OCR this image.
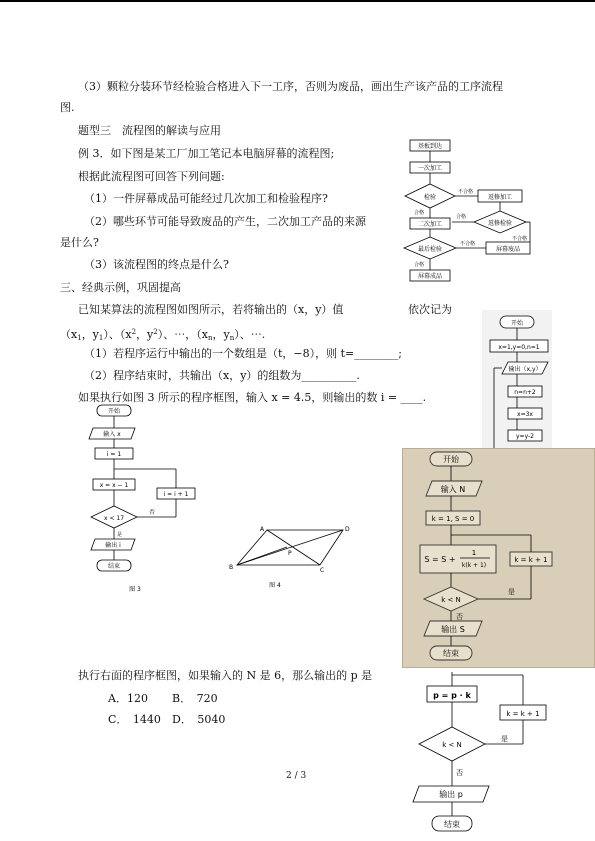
（3）颗粒分装环节经检验合格进入下一工序，否则为废品，画出生产该产品的工序流程
图.
题型三　流程图的解读与应用
例 3．如下图是某工厂加工笔记本电脑屏幕的流程图;
根据此流程图可回答下列问题:
（1）一件屏幕成品可能经过几次加工和检验程序?
（2）哪些环节可能导致废品的产生，二次加工产品的来源
是什么?
（3）该流程图的终点是什么?
三、经典示例，巩固提高
已知某算法的流程图如图所示，若将输出的（x，y）值	依次记为
（$x_1$，$y_1$）、（$x^2$，$y^2$）、⋯，（$x_n$，$y_n$）、⋯.
（1）若程序运行中输出的一个数组是（t，−8），则 t=________;
（2）程序结束时，共输出（x，y）的组数为__________.
如果执行如图 3 所示的程序框图，输入 x = 4.5，则输出的数 i = ____.
执行右面的程序框图，如果输入的 N 是 6，那么输出的 p 是
A．120 B．　720
C．　1440 D．　5040
2 / 3
基板到达
一次加工
检验
不合格
返修加工
合格
返修检验
合格
二次加工
不合格
屏幕废品
最后检验
不合格
合格
屏幕成品
开始
x=1,y=0,n=1
输出（x,y）
n=n+2
x=3x
y=y-2
开始
输入 x
i = 1
x = x − 1
i = i + 1
x < 17
否
是
输出 i
结束
图 3
A
B	C
D
P
图 4
开始
输入 N
k = 1, S = 0
S = S +
1
k(k + 1)
k = k + 1
k < N
是
否
输出 S
结束
p = p · k
k = k + 1
k < N
是
否
输出 p
结束
